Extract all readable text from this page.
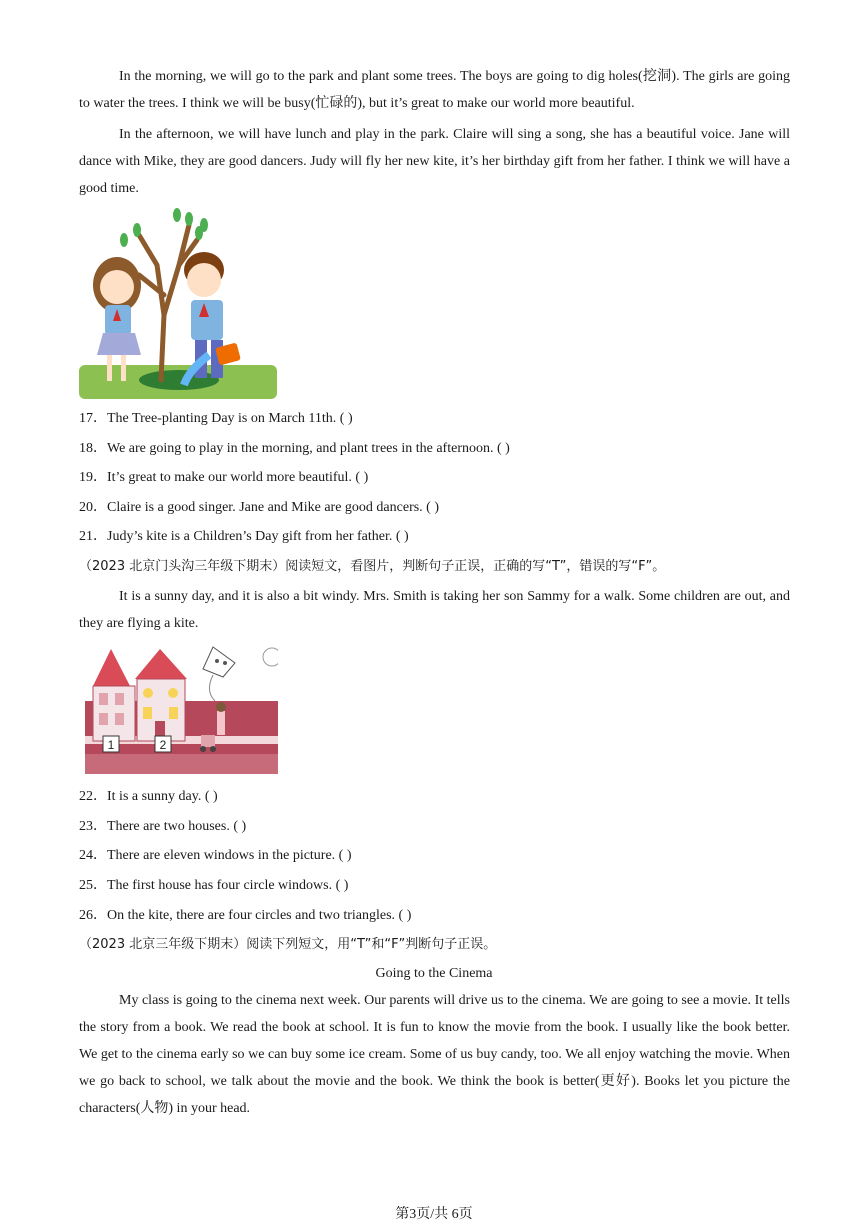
In the morning, we will go to the park and plant some trees. The boys are going to dig holes(挖洞). The girls are going to water the trees. I think we will be busy(忙碌的), but it’s great to make our world more beautiful.

In the afternoon, we will have lunch and play in the park. Claire will sing a song, she has a beautiful voice. Jane will dance with Mike, they are good dancers. Judy will fly her new kite, it’s her birthday gift from her father. I think we will have a good time.

17．The Tree-planting Day is on March 11th. ( )

18．We are going to play in the morning, and plant trees in the afternoon. ( )

19．It’s great to make our world more beautiful. ( )

20．Claire is a good singer. Jane and Mike are good dancers. ( )

21．Judy’s kite is a Children’s Day gift from her father. ( )

（2023 北京门头沟三年级下期末）阅读短文，看图片，判断句子正误，正确的写“T”，错误的写“F”。

It is a sunny day, and it is also a bit windy. Mrs. Smith is taking her son Sammy for a walk. Some children are out, and they are flying a kite.

1	2

22．It is a sunny day. ( )

23．There are two houses. ( )

24．There are eleven windows in the picture. ( )

25．The first house has four circle windows. ( )

26．On the kite, there are four circles and two triangles. ( )

（2023 北京三年级下期末）阅读下列短文，用“T”和“F”判断句子正误。

Going to the Cinema

My class is going to the cinema next week. Our parents will drive us to the cinema. We are going to see a movie. It tells the story from a book. We read the book at school. It is fun to know the movie from the book. I usually like the book better. We get to the cinema early so we can buy some ice cream. Some of us buy candy, too. We all enjoy watching the movie. When we go back to school, we talk about the movie and the book. We think the book is better(更好). Books let you picture the characters(人物) in your head.

第3页/共 6页
